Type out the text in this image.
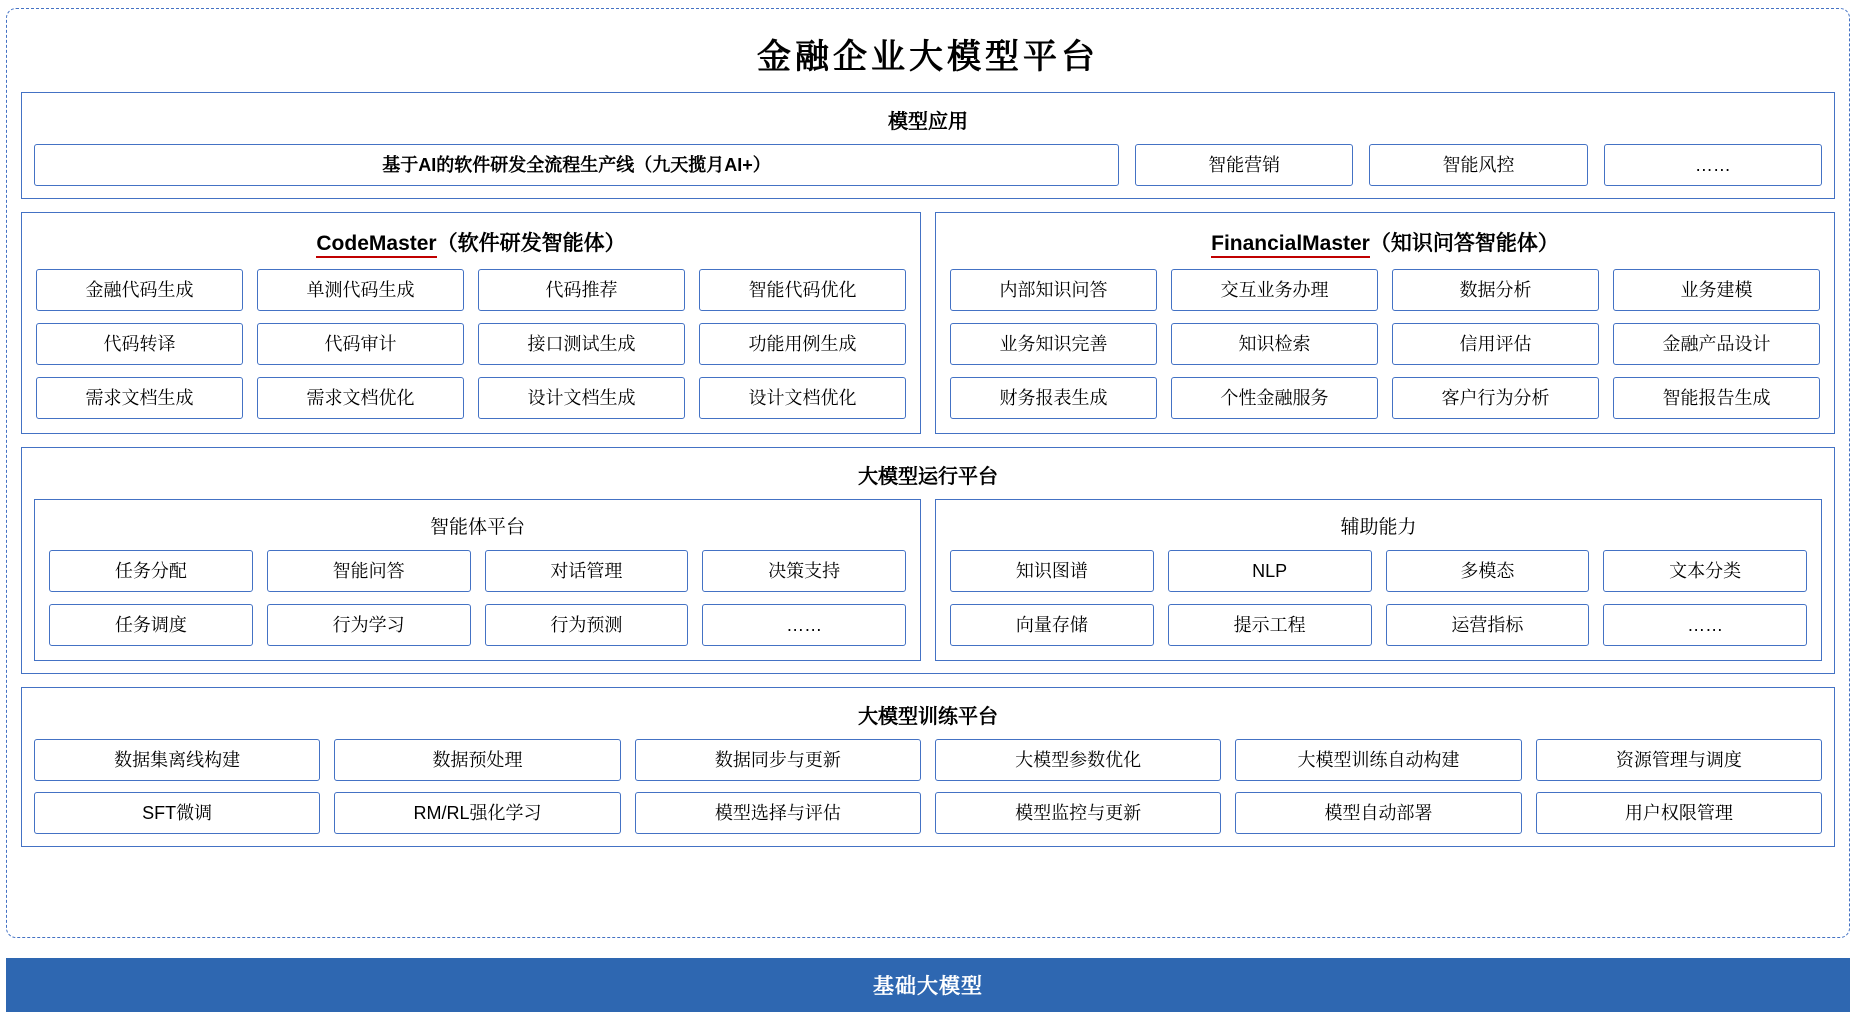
金融企业大模型平台
模型应用
基于AI的软件研发全流程生产线（九天揽月AI+）	智能营销	智能风控	……
CodeMaster（软件研发智能体）
金融代码生成	单测代码生成	代码推荐	智能代码优化
代码转译	代码审计	接口测试生成	功能用例生成
需求文档生成	需求文档优化	设计文档生成	设计文档优化
FinancialMaster（知识问答智能体）
内部知识问答	交互业务办理	数据分析	业务建模
业务知识完善	知识检索	信用评估	金融产品设计
财务报表生成	个性金融服务	客户行为分析	智能报告生成
大模型运行平台
智能体平台
任务分配	智能问答	对话管理	决策支持
任务调度	行为学习	行为预测	……
辅助能力
知识图谱	NLP	多模态	文本分类
向量存储	提示工程	运营指标	……
大模型训练平台
数据集离线构建	数据预处理	数据同步与更新	大模型参数优化	大模型训练自动构建	资源管理与调度
SFT微调	RM/RL强化学习	模型选择与评估	模型监控与更新	模型自动部署	用户权限管理
基础大模型
